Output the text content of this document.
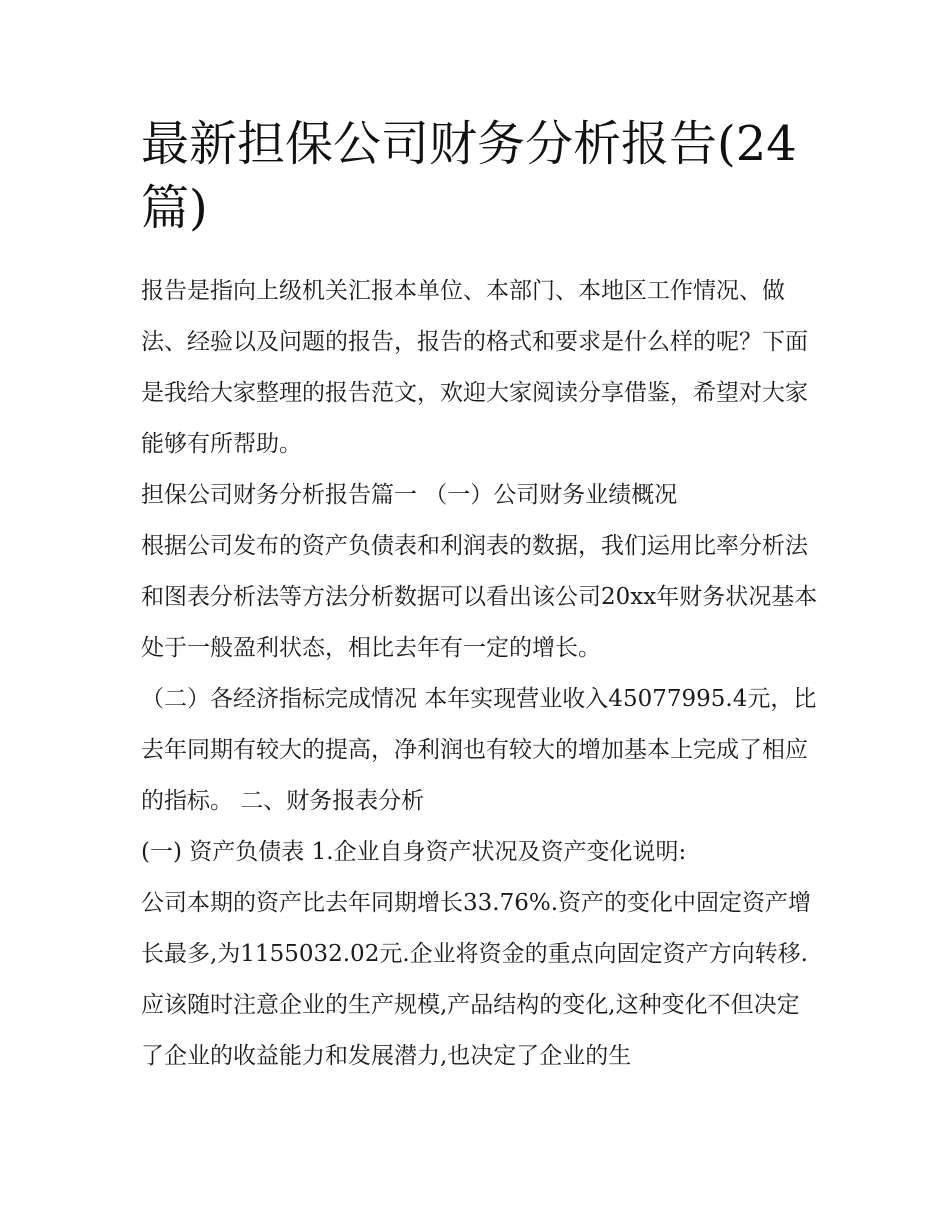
最新担保公司财务分析报告(24篇)

报告是指向上级机关汇报本单位、本部门、本地区工作情况、做法、经验以及问题的报告，报告的格式和要求是什么样的呢？下面是我给大家整理的报告范文，欢迎大家阅读分享借鉴，希望对大家能够有所帮助。

担保公司财务分析报告篇一 （一）公司财务业绩概况

根据公司发布的资产负债表和利润表的数据，我们运用比率分析法和图表分析法等方法分析数据可以看出该公司20xx年财务状况基本处于一般盈利状态，相比去年有一定的增长。

（二）各经济指标完成情况 本年实现营业收入45077995.4元，比去年同期有较大的提高，净利润也有较大的增加基本上完成了相应的指标。 二、财务报表分析

(一) 资产负债表 1.企业自身资产状况及资产变化说明:

公司本期的资产比去年同期增长33.76%.资产的变化中固定资产增长最多,为1155032.02元.企业将资金的重点向固定资产方向转移.应该随时注意企业的生产规模,产品结构的变化,这种变化不但决定了企业的收益能力和发展潜力,也决定了企业的生
